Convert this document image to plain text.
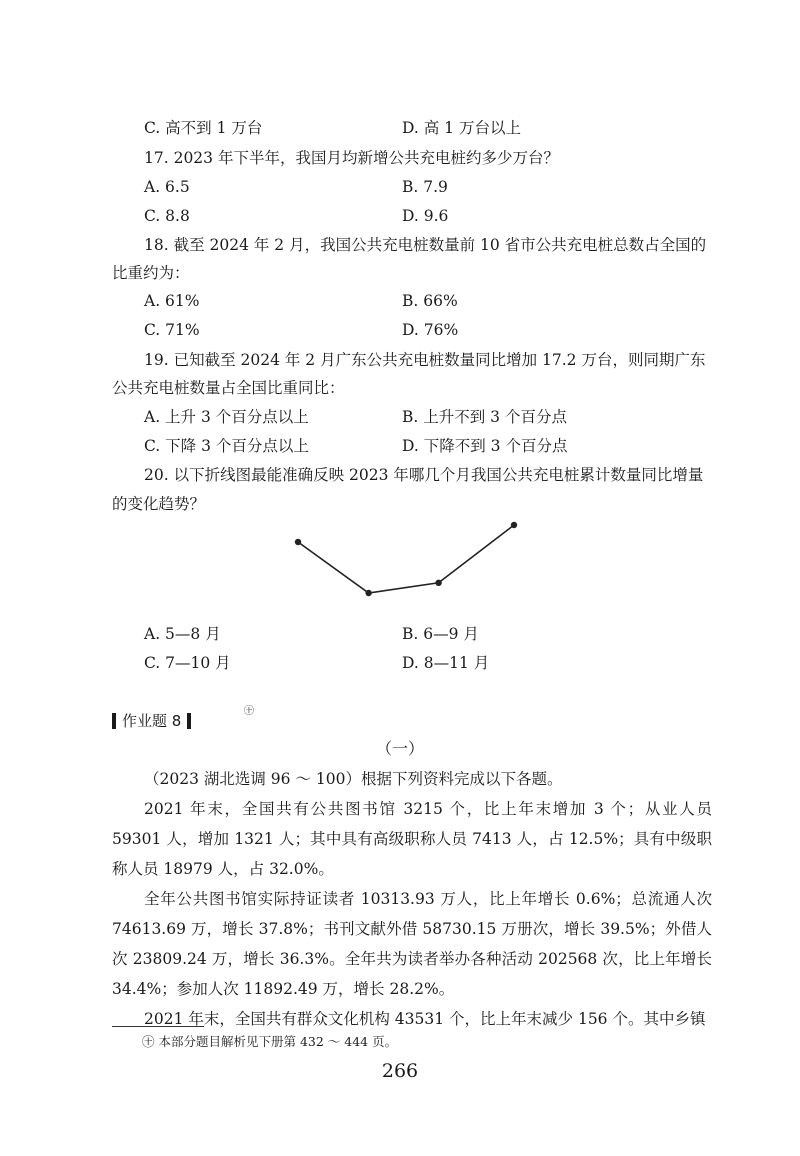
C. 高不到 1 万台	D. 高 1 万台以上
17. 2023 年下半年，我国月均新增公共充电桩约多少万台？
A. 6.5	B. 7.9
C. 8.8	D. 9.6
18. 截至 2024 年 2 月，我国公共充电桩数量前 10 省市公共充电桩总数占全国的
比重约为：
A. 61%	B. 66%
C. 71%	D. 76%
19. 已知截至 2024 年 2 月广东公共充电桩数量同比增加 17.2 万台，则同期广东
公共充电桩数量占全国比重同比：
A. 上升 3 个百分点以上	B. 上升不到 3 个百分点
C. 下降 3 个百分点以上	D. 下降不到 3 个百分点
20. 以下折线图最能准确反映 2023 年哪几个月我国公共充电桩累计数量同比增量
的变化趋势？
A. 5—8 月	B. 6—9 月
C. 7—10 月	D. 8—11 月
作业题 8
㊉
（一）
（2023 湖北选调 96 ～ 100）根据下列资料完成以下各题。
2021 年末，全国共有公共图书馆 3215 个，比上年末增加 3 个；从业人员 59301 人，增加 1321 人；其中具有高级职称人员 7413 人，占 12.5%；具有中级职称人员 18979 人，占 32.0%。
全年公共图书馆实际持证读者 10313.93 万人，比上年增长 0.6%；总流通人次 74613.69 万，增长 37.8%；书刊文献外借 58730.15 万册次，增长 39.5%；外借人次 23809.24 万，增长 36.3%。全年共为读者举办各种活动 202568 次，比上年增长 34.4%；参加人次 11892.49 万，增长 28.2%。
2021 年末，全国共有群众文化机构 43531 个，比上年末减少 156 个。其中乡镇
㊉ 本部分题目解析见下册第 432 ～ 444 页。
266
